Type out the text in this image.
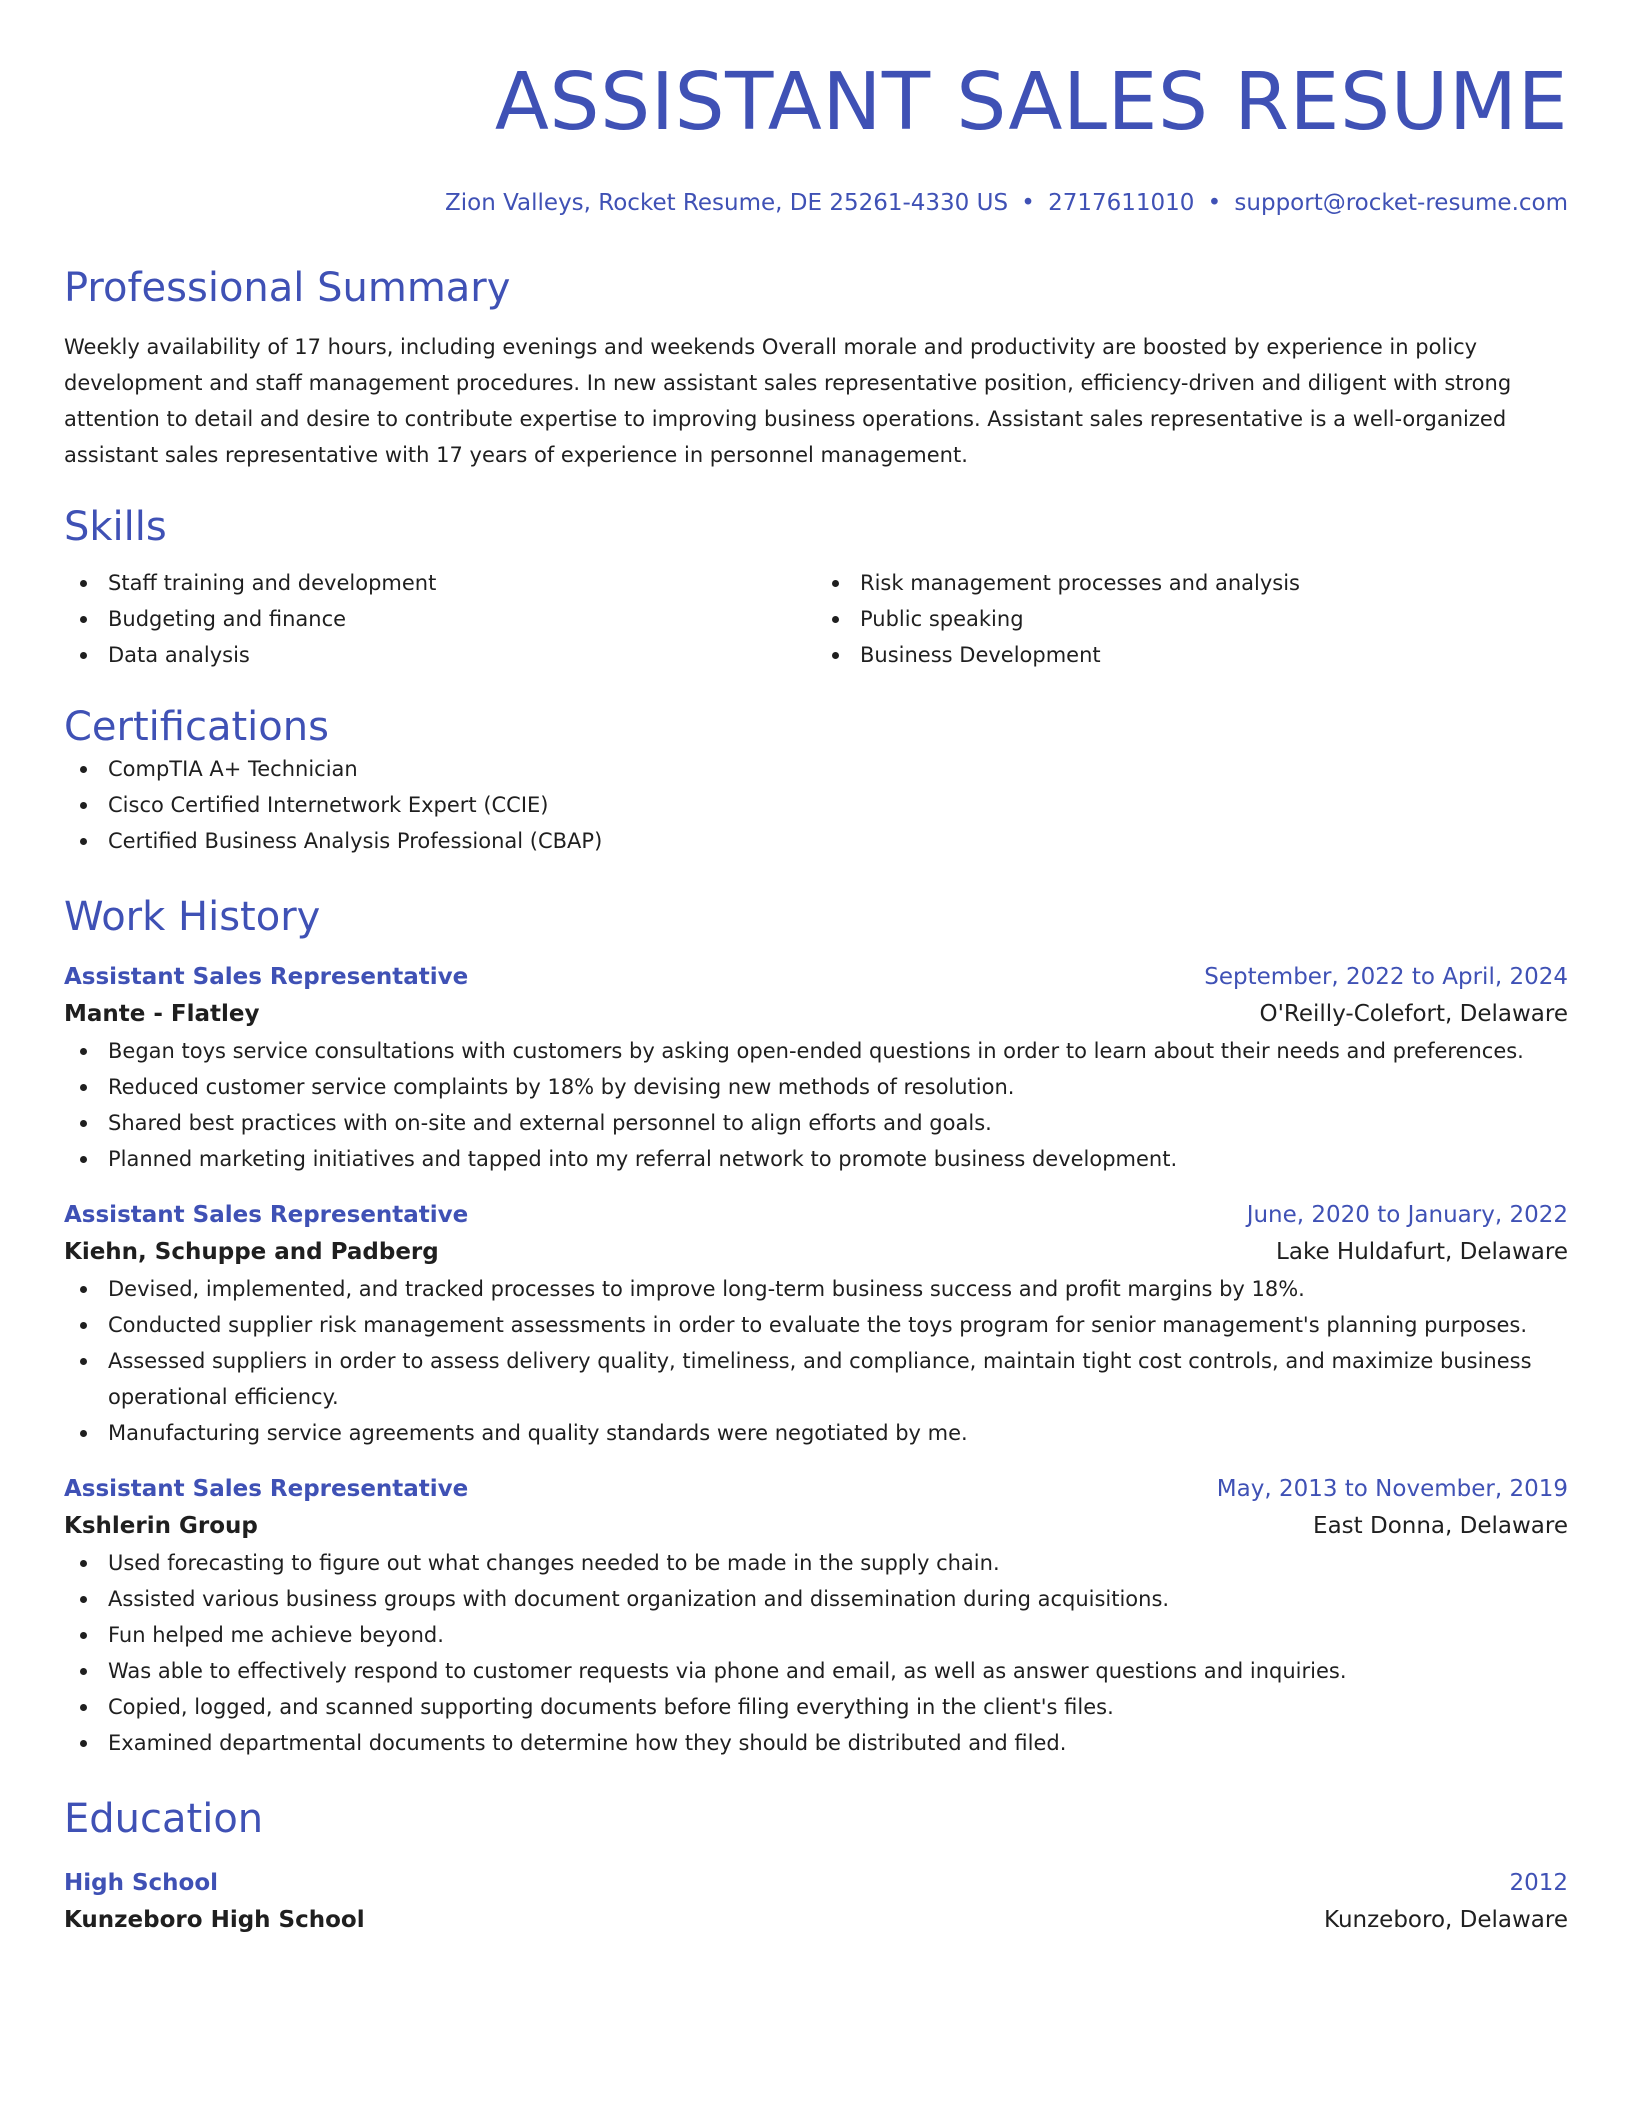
ASSISTANT SALES RESUME
Zion Valleys, Rocket Resume, DE 25261-4330 US • 2717611010 • support@rocket-resume.com
Professional Summary

Weekly availability of 17 hours, including evenings and weekends Overall morale and productivity are boosted by experience in policy development and staff management procedures. In new assistant sales representative position, efficiency-driven and diligent with strong attention to detail and desire to contribute expertise to improving business operations. Assistant sales representative is a well-organized assistant sales representative with 17 years of experience in personnel management.

Skills
Staff training and development
Budgeting and finance
Data analysis
Risk management processes and analysis
Public speaking
Business Development
Certifications
CompTIA A+ Technician
Cisco Certified Internetwork Expert (CCIE)
Certified Business Analysis Professional (CBAP)
Work History
Assistant Sales Representative	September, 2022 to April, 2024
Mante - Flatley	O'Reilly-Colefort, Delaware
Began toys service consultations with customers by asking open-ended questions in order to learn about their needs and preferences.
Reduced customer service complaints by 18% by devising new methods of resolution.
Shared best practices with on-site and external personnel to align efforts and goals.
Planned marketing initiatives and tapped into my referral network to promote business development.
Assistant Sales Representative	June, 2020 to January, 2022
Kiehn, Schuppe and Padberg	Lake Huldafurt, Delaware
Devised, implemented, and tracked processes to improve long-term business success and profit margins by 18%.
Conducted supplier risk management assessments in order to evaluate the toys program for senior management's planning purposes.
Assessed suppliers in order to assess delivery quality, timeliness, and compliance, maintain tight cost controls, and maximize business operational efficiency.
Manufacturing service agreements and quality standards were negotiated by me.
Assistant Sales Representative	May, 2013 to November, 2019
Kshlerin Group	East Donna, Delaware
Used forecasting to figure out what changes needed to be made in the supply chain.
Assisted various business groups with document organization and dissemination during acquisitions.
Fun helped me achieve beyond.
Was able to effectively respond to customer requests via phone and email, as well as answer questions and inquiries.
Copied, logged, and scanned supporting documents before filing everything in the client's files.
Examined departmental documents to determine how they should be distributed and filed.
Education
High School	2012
Kunzeboro High School	Kunzeboro, Delaware
